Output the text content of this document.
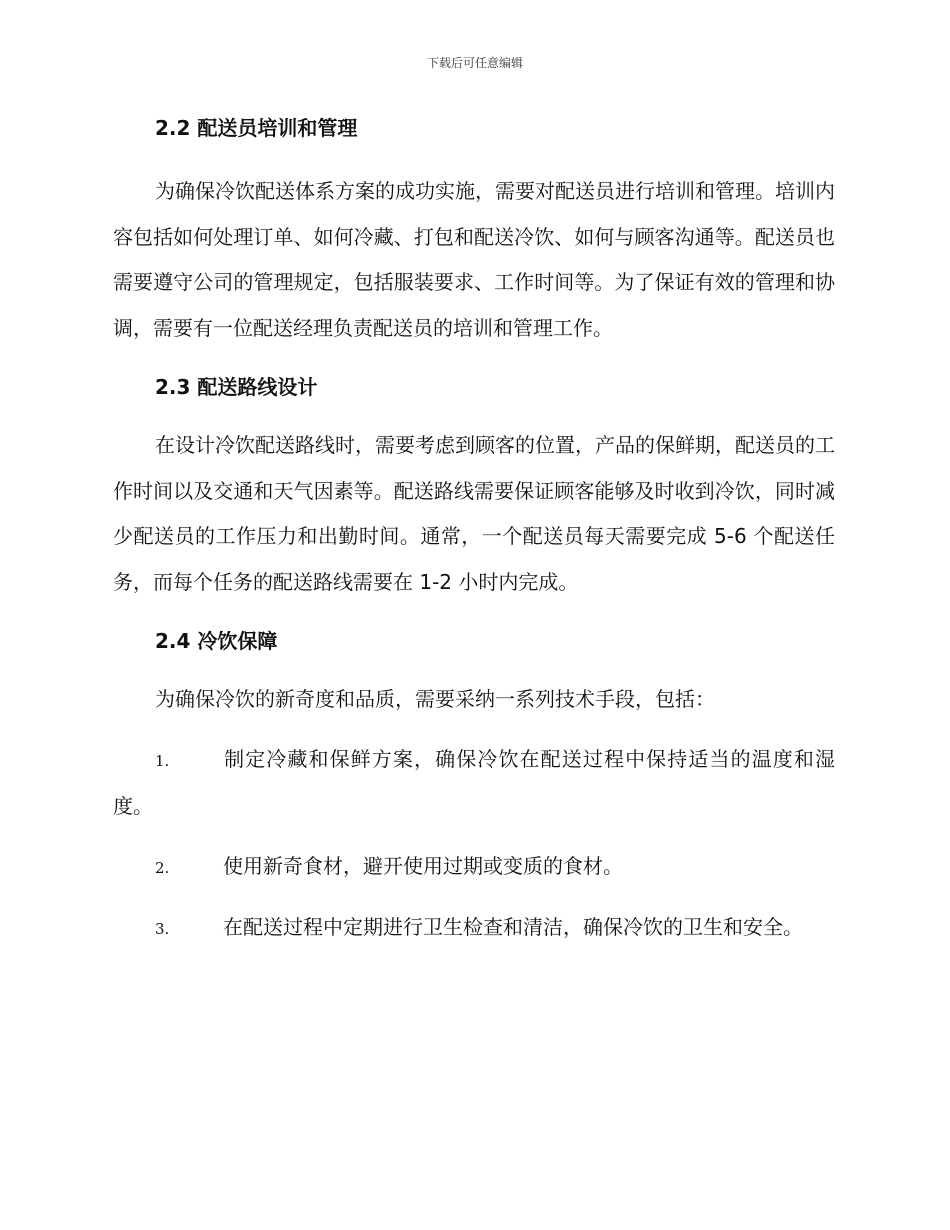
下载后可任意编辑
2.2 配送员培训和管理

为确保冷饮配送体系方案的成功实施，需要对配送员进行培训和管理。培训内容包括如何处理订单、如何冷藏、打包和配送冷饮、如何与顾客沟通等。配送员也需要遵守公司的管理规定，包括服装要求、工作时间等。为了保证有效的管理和协调，需要有一位配送经理负责配送员的培训和管理工作。

2.3 配送路线设计

在设计冷饮配送路线时，需要考虑到顾客的位置，产品的保鲜期，配送员的工作时间以及交通和天气因素等。配送路线需要保证顾客能够及时收到冷饮，同时减少配送员的工作压力和出勤时间。通常，一个配送员每天需要完成 5-6 个配送任务，而每个任务的配送路线需要在 1-2 小时内完成。

2.4 冷饮保障

为确保冷饮的新奇度和品质，需要采纳一系列技术手段，包括：

1.	制定冷藏和保鲜方案，确保冷饮在配送过程中保持适当的温度和湿度。

2.	使用新奇食材，避开使用过期或变质的食材。

3.	在配送过程中定期进行卫生检查和清洁，确保冷饮的卫生和安全。
